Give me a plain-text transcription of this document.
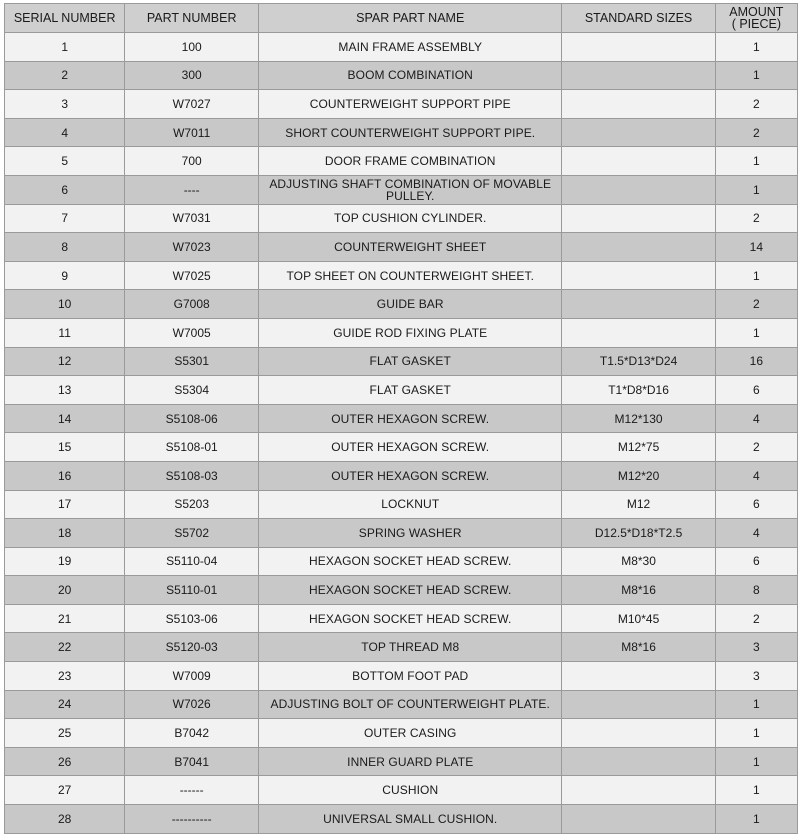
SERIAL NUMBER	PART NUMBER	SPAR PART NAME	STANDARD SIZES	AMOUNT
( PIECE)
1	100	MAIN FRAME ASSEMBLY		1
2	300	BOOM COMBINATION		1
3	W7027	COUNTERWEIGHT SUPPORT PIPE		2
4	W7011	SHORT COUNTERWEIGHT SUPPORT PIPE.		2
5	700	DOOR FRAME COMBINATION		1
6	----	ADJUSTING SHAFT COMBINATION OF MOVABLE PULLEY.		1
7	W7031	TOP CUSHION CYLINDER.		2
8	W7023	COUNTERWEIGHT SHEET		14
9	W7025	TOP SHEET ON COUNTERWEIGHT SHEET.		1
10	G7008	GUIDE BAR		2
11	W7005	GUIDE ROD FIXING PLATE		1
12	S5301	FLAT GASKET	T1.5*D13*D24	16
13	S5304	FLAT GASKET	T1*D8*D16	6
14	S5108-06	OUTER HEXAGON SCREW.	M12*130	4
15	S5108-01	OUTER HEXAGON SCREW.	M12*75	2
16	S5108-03	OUTER HEXAGON SCREW.	M12*20	4
17	S5203	LOCKNUT	M12	6
18	S5702	SPRING WASHER	D12.5*D18*T2.5	4
19	S5110-04	HEXAGON SOCKET HEAD SCREW.	M8*30	6
20	S5110-01	HEXAGON SOCKET HEAD SCREW.	M8*16	8
21	S5103-06	HEXAGON SOCKET HEAD SCREW.	M10*45	2
22	S5120-03	TOP THREAD M8	M8*16	3
23	W7009	BOTTOM FOOT PAD		3
24	W7026	ADJUSTING BOLT OF COUNTERWEIGHT PLATE.		1
25	B7042	OUTER CASING		1
26	B7041	INNER GUARD PLATE		1
27	------	CUSHION		1
28	----------	UNIVERSAL SMALL CUSHION.		1
